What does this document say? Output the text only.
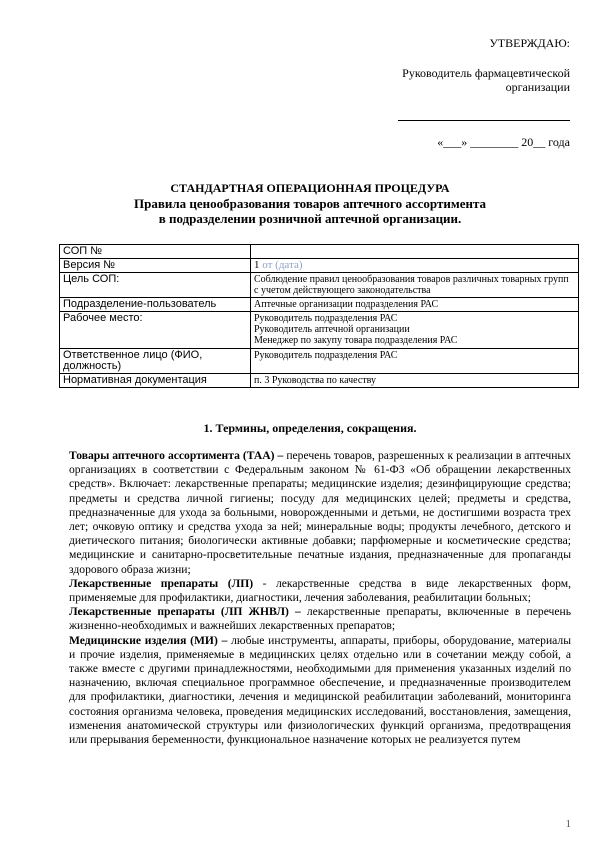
УТВЕРЖДАЮ:
Руководитель фармацевтической
организации
«___» ________ 20__ года
СТАНДАРТНАЯ ОПЕРАЦИОННАЯ ПРОЦЕДУРА
Правила ценообразования товаров аптечного ассортимента
в подразделении розничной аптечной организации.
СОП №	
Версия №	1 от (дата)
Цель СОП:	Соблюдение правил ценообразования товаров различных товарных групп с учетом действующего законодательства
Подразделение-пользователь	Аптечные организации подразделения РАС
Рабочее место:	Руководитель подразделения РАС
Руководитель аптечной организации
Менеджер по закупу товара подразделения РАС

Ответственное лицо (ФИО, должность)	Руководитель подразделения РАС
Нормативная документация	п. 3 Руководства по качеству
1. Термины, определения, сокращения.

Товары аптечного ассортимента (ТАА) – перечень товаров, разрешенных к реализации в аптечных организациях в соответствии с Федеральным законом № 61-ФЗ «Об обращении лекарственных средств». Включает: лекарственные препараты; медицинские изделия; дезинфицирующие средства; предметы и средства личной гигиены; посуду для медицинских целей; предметы и средства, предназначенные для ухода за больными, новорожденными и детьми, не достигшими возраста трех лет; очковую оптику и средства ухода за ней; минеральные воды; продукты лечебного, детского и диетического питания; биологически активные добавки; парфюмерные и косметические средства; медицинские и санитарно-просветительные печатные издания, предназначенные для пропаганды здорового образа жизни;

Лекарственные препараты (ЛП) - лекарственные средства в виде лекарственных форм, применяемые для профилактики, диагностики, лечения заболевания, реабилитации больных;

Лекарственные препараты (ЛП ЖНВЛ) – лекарственные препараты, включенные в перечень жизненно-необходимых и важнейших лекарственных препаратов;

Медицинские изделия (МИ) – любые инструменты, аппараты, приборы, оборудование, материалы и прочие изделия, применяемые в медицинских целях отдельно или в сочетании между собой, а также вместе с другими принадлежностями, необходимыми для применения указанных изделий по назначению, включая специальное программное обеспечение, и предназначенные производителем для профилактики, диагностики, лечения и медицинской реабилитации заболеваний, мониторинга состояния организма человека, проведения медицинских исследований, восстановления, замещения, изменения анатомической структуры или физиологических функций организма, предотвращения или прерывания беременности, функциональное назначение которых не реализуется путем

1
